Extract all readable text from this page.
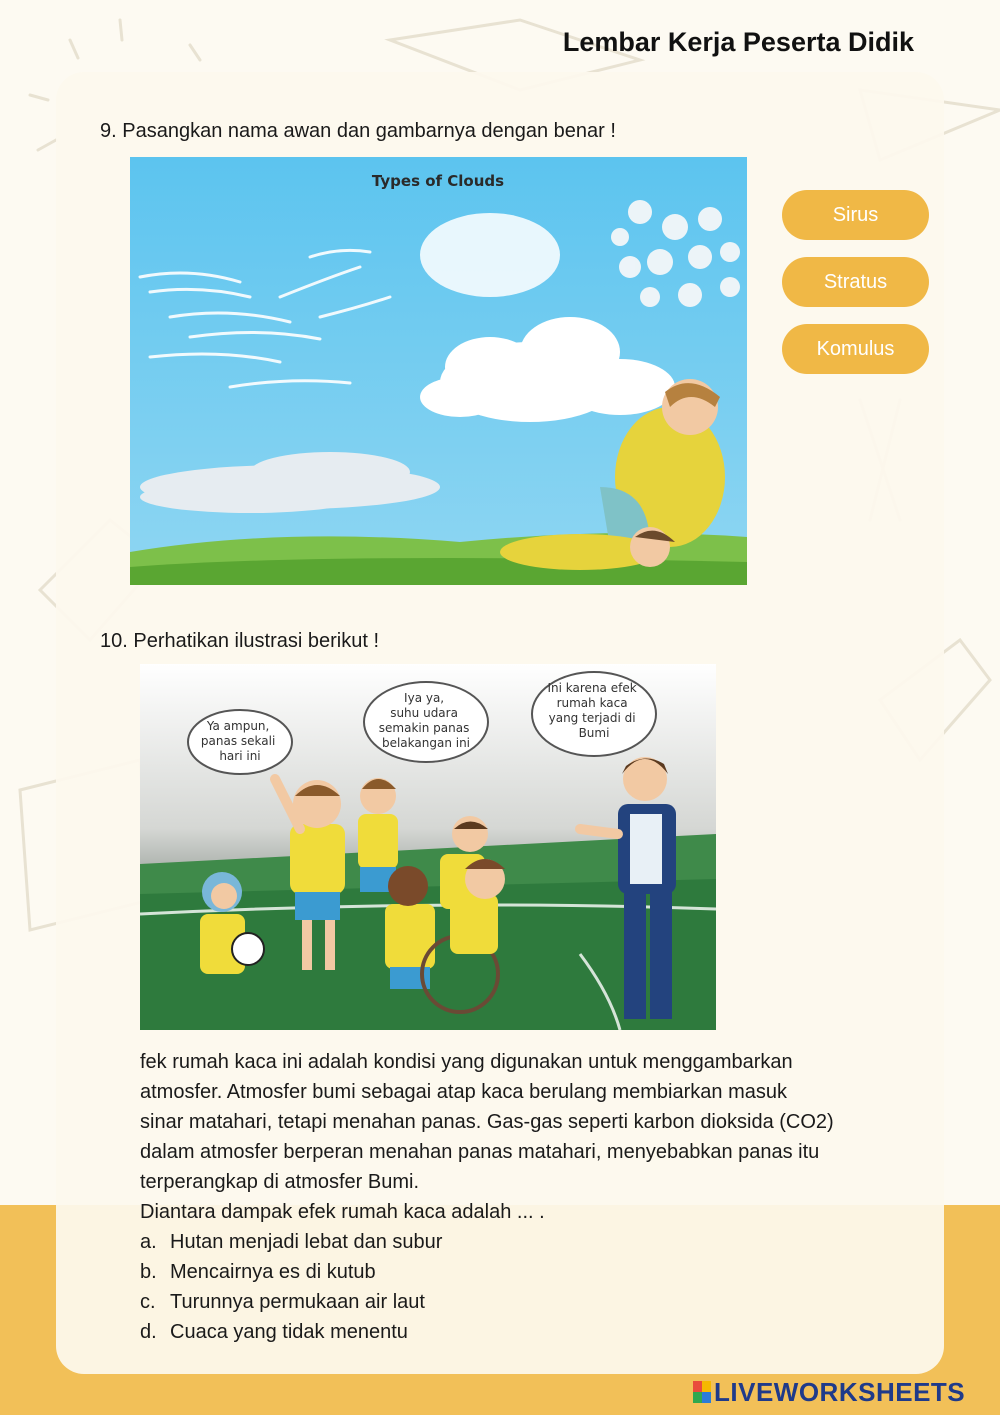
Lembar Kerja Peserta Didik
9. Pasangkan nama awan dan gambarnya dengan benar !
Types of Clouds
Sirus
Stratus
Komulus
10. Perhatikan ilustrasi berikut !
Ya ampun, panas sekali hari ini
Iya ya, suhu udara semakin panas belakangan ini
Ini karena efek rumah kaca yang terjadi di Bumi
fek rumah kaca ini adalah kondisi yang digunakan untuk menggambarkan
atmosfer. Atmosfer bumi sebagai atap kaca berulang membiarkan masuk
sinar matahari, tetapi menahan panas. Gas-gas seperti karbon dioksida (CO2)
dalam atmosfer berperan menahan panas matahari, menyebabkan panas itu
terperangkap di atmosfer Bumi.
Diantara dampak efek rumah kaca adalah ... .
a. Hutan menjadi lebat dan subur
b. Mencairnya es di kutub
c. Turunnya permukaan air laut
d. Cuaca yang tidak menentu
LIVEWORKSHEETS
